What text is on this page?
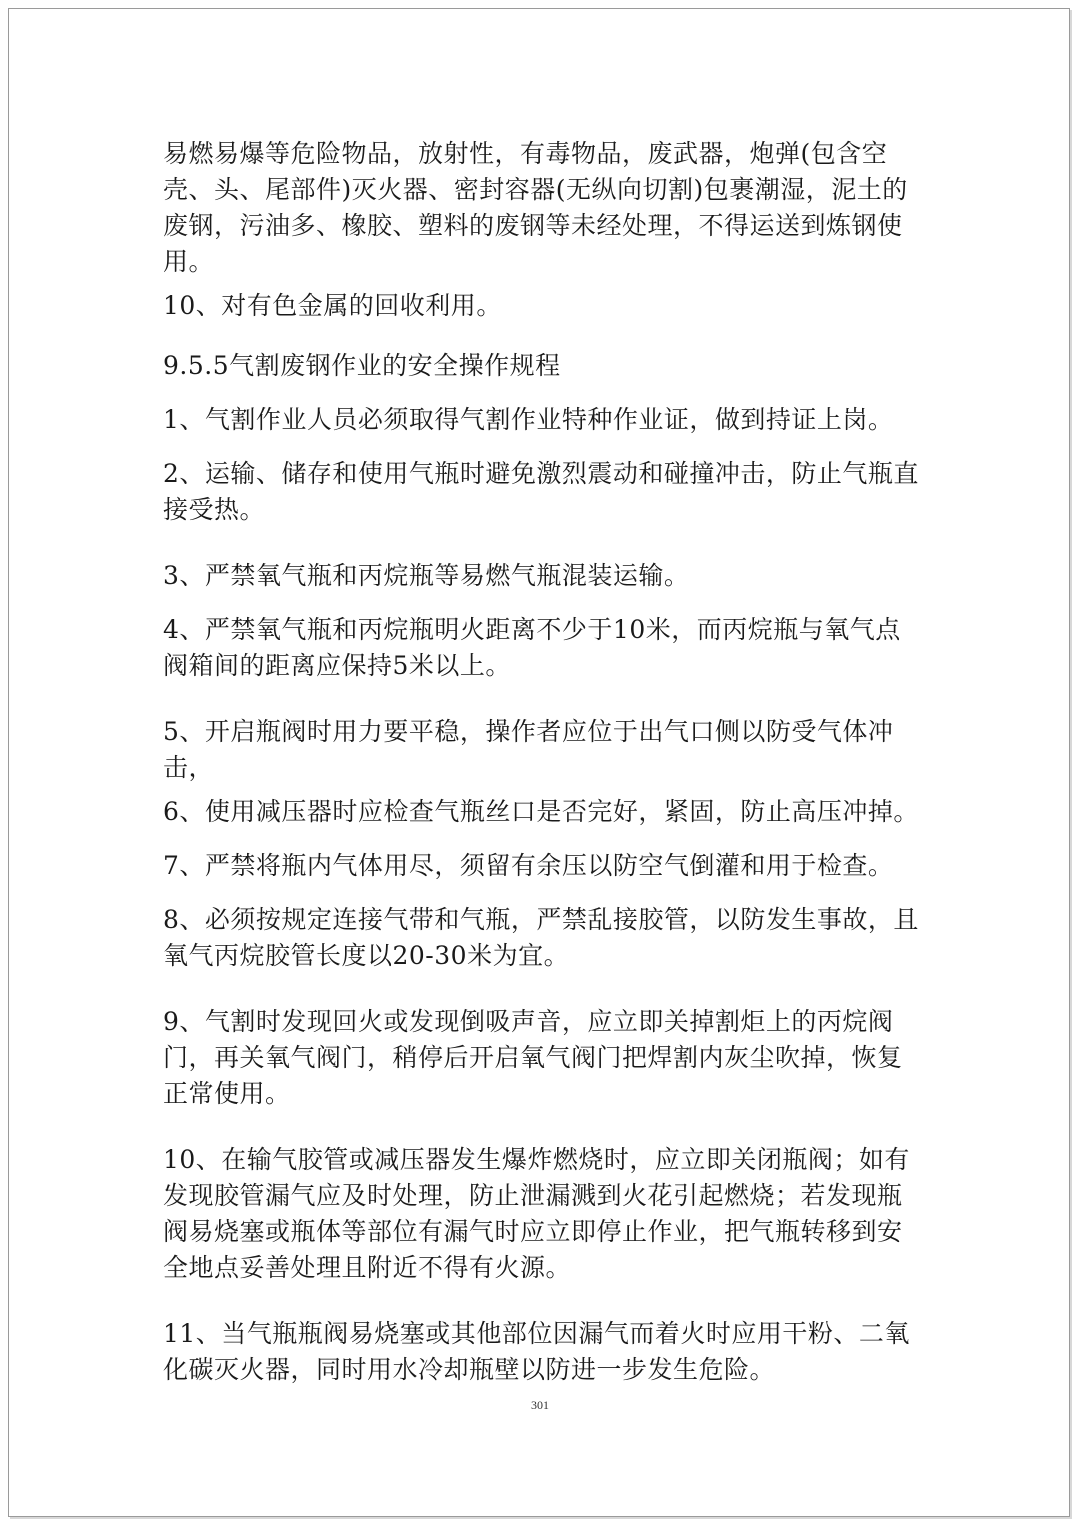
易燃易爆等危险物品，放射性，有毒物品，废武器，炮弹(包含空壳、头、尾部件)灭火器、密封容器(无纵向切割)包裹潮湿，泥土的废钢，污油多、橡胶、塑料的废钢等未经处理，不得运送到炼钢使用。

10、对有色金属的回收利用。

9.5.5气割废钢作业的安全操作规程

1、气割作业人员必须取得气割作业特种作业证，做到持证上岗。

2、运输、储存和使用气瓶时避免激烈震动和碰撞冲击，防止气瓶直接受热。

3、严禁氧气瓶和丙烷瓶等易燃气瓶混装运输。

4、严禁氧气瓶和丙烷瓶明火距离不少于10米，而丙烷瓶与氧气点阀箱间的距离应保持5米以上。

5、开启瓶阀时用力要平稳，操作者应位于出气口侧以防受气体冲击，

6、使用减压器时应检查气瓶丝口是否完好，紧固，防止高压冲掉。

7、严禁将瓶内气体用尽，须留有余压以防空气倒灌和用于检查。

8、必须按规定连接气带和气瓶，严禁乱接胶管，以防发生事故，且氧气丙烷胶管长度以20-30米为宜。

9、气割时发现回火或发现倒吸声音，应立即关掉割炬上的丙烷阀门，再关氧气阀门，稍停后开启氧气阀门把焊割内灰尘吹掉，恢复正常使用。

10、在输气胶管或减压器发生爆炸燃烧时，应立即关闭瓶阀；如有发现胶管漏气应及时处理，防止泄漏溅到火花引起燃烧；若发现瓶阀易烧塞或瓶体等部位有漏气时应立即停止作业，把气瓶转移到安全地点妥善处理且附近不得有火源。

11、当气瓶瓶阀易烧塞或其他部位因漏气而着火时应用干粉、二氧化碳灭火器，同时用水冷却瓶壁以防进一步发生危险。

301
